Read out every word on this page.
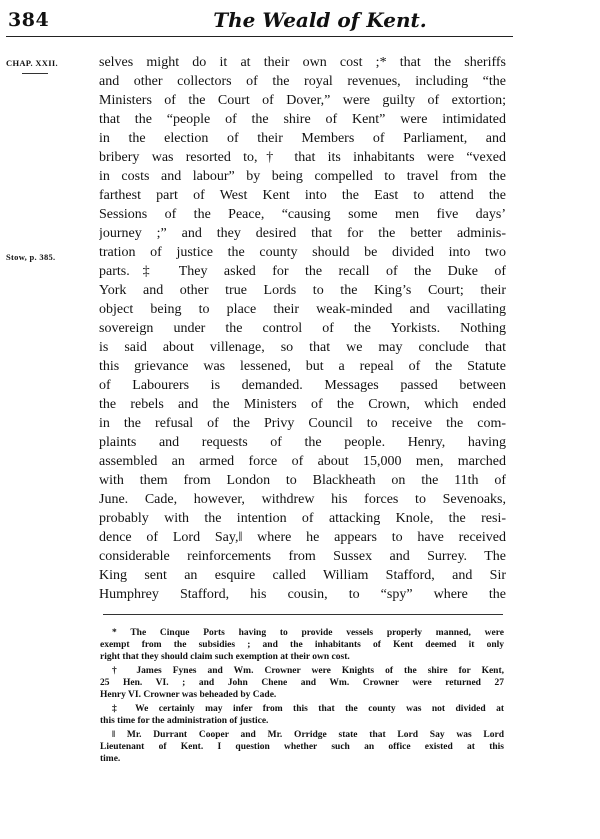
384	The Weald of Kent.
CHAP. XXII.
Stow, p. 385.
selves might do it at their own cost ;* that the sheriffs
and other collectors of the royal revenues, including “the
Ministers of the Court of Dover,” were guilty of extortion;
that the “people of the shire of Kent” were intimidated
in the election of their Members of Parliament, and
bribery was resorted to,† that its inhabitants were “vexed
in costs and labour” by being compelled to travel from the
farthest part of West Kent into the East to attend the
Sessions of the Peace, “causing some men five days’
journey ;” and they desired that for the better adminis-
tration of justice the county should be divided into two
parts.‡ They asked for the recall of the Duke of
York and other true Lords to the King’s Court; their
object being to place their weak-minded and vacillating
sovereign under the control of the Yorkists. Nothing
is said about villenage, so that we may conclude that
this grievance was lessened, but a repeal of the Statute
of Labourers is demanded. Messages passed between
the rebels and the Ministers of the Crown, which ended
in the refusal of the Privy Council to receive the com-
plaints and requests of the people. Henry, having
assembled an armed force of about 15,000 men, marched
with them from London to Blackheath on the 11th of
June. Cade, however, withdrew his forces to Sevenoaks,
probably with the intention of attacking Knole, the resi-
dence of Lord Say,‖ where he appears to have received
considerable reinforcements from Sussex and Surrey. The
King sent an esquire called William Stafford, and Sir
Humphrey Stafford, his cousin, to “spy” where the
* The Cinque Ports having to provide vessels properly manned, were
exempt from the subsidies ; and the inhabitants of Kent deemed it only
right that they should claim such exemption at their own cost.
† James Fynes and Wm. Crowner were Knights of the shire for Kent,
25 Hen. VI. ; and John Chene and Wm. Crowner were returned 27
Henry VI. Crowner was beheaded by Cade.
‡ We certainly may infer from this that the county was not divided at
this time for the administration of justice.
‖ Mr. Durrant Cooper and Mr. Orridge state that Lord Say was Lord
Lieutenant of Kent. I question whether such an office existed at this
time.
